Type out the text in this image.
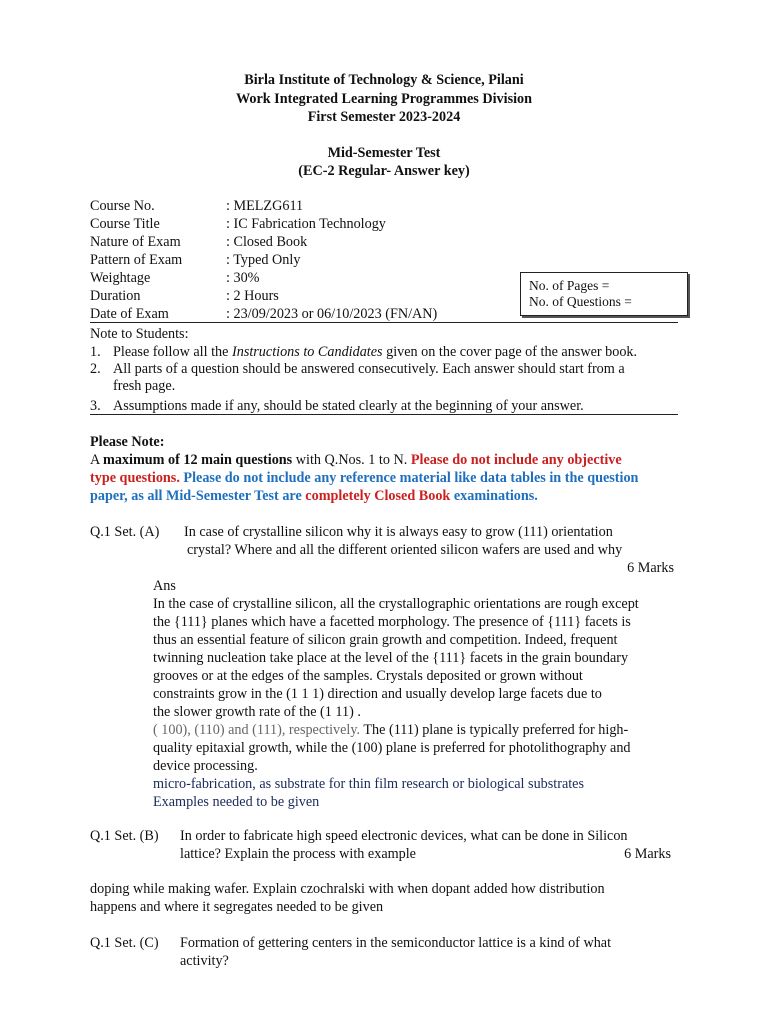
Birla Institute of Technology & Science, Pilani
Work Integrated Learning Programmes Division
First Semester 2023-2024
Mid-Semester Test
(EC-2 Regular- Answer key)
Course No.	: MELZG611
Course Title	: IC Fabrication Technology
Nature of Exam	: Closed Book
Pattern of Exam	: Typed Only
Weightage	: 30%
Duration	: 2 Hours
Date of Exam	: 23/09/2023 or 06/10/2023 (FN/AN)
No. of Pages =
No. of Questions =
Note to Students:
1. Please follow all the Instructions to Candidates given on the cover page of the answer book.
2. All parts of a question should be answered consecutively. Each answer should start from a
fresh page.
3. Assumptions made if any, should be stated clearly at the beginning of your answer.
Please Note:
A maximum of 12 main questions with Q.Nos. 1 to N. Please do not include any objective
type questions. Please do not include any reference material like data tables in the question
paper, as all Mid-Semester Test are completely Closed Book examinations.
Q.1 Set. (A) In case of crystalline silicon why it is always easy to grow (111) orientation
crystal? Where and all the different oriented silicon wafers are used and why
6 Marks
Ans
In the case of crystalline silicon, all the crystallographic orientations are rough except
the {111} planes which have a facetted morphology. The presence of {111} facets is
thus an essential feature of silicon grain growth and competition. Indeed, frequent
twinning nucleation take place at the level of the {111} facets in the grain boundary
grooves or at the edges of the samples. Crystals deposited or grown without
constraints grow in the (1 1 1) direction and usually develop large facets due to
the slower growth rate of the (1 11) .
( 100), (110) and (111), respectively. The (111) plane is typically preferred for high-
quality epitaxial growth, while the (100) plane is preferred for photolithography and
device processing.
micro-fabrication, as substrate for thin film research or biological substrates
Examples needed to be given
Q.1 Set. (B) In order to fabricate high speed electronic devices, what can be done in Silicon
lattice? Explain the process with example	6 Marks
doping while making wafer. Explain czochralski with when dopant added how distribution
happens and where it segregates needed to be given
Q.1 Set. (C) Formation of gettering centers in the semiconductor lattice is a kind of what
activity?
